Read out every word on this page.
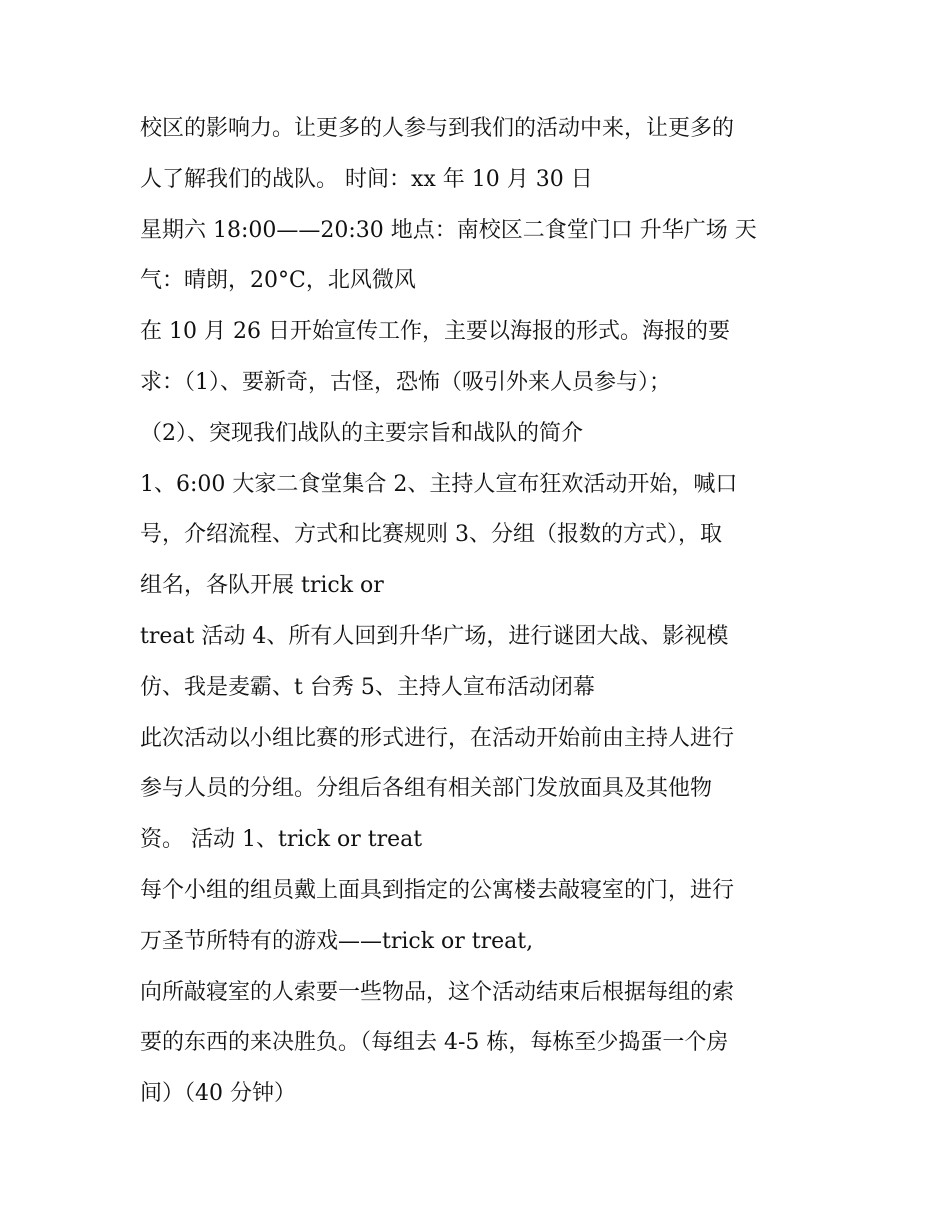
校区的影响力。让更多的人参与到我们的活动中来，让更多的
人了解我们的战队。 时间：xx 年 10 月 30 日
星期六 18:00——20:30 地点：南校区二食堂门口 升华广场 天
气：晴朗，20°C，北风微风
在 10 月 26 日开始宣传工作，主要以海报的形式。海报的要
求：（1）、要新奇，古怪，恐怖（吸引外来人员参与）；
（2）、突现我们战队的主要宗旨和战队的简介
1、6:00 大家二食堂集合 2、主持人宣布狂欢活动开始，喊口
号，介绍流程、方式和比赛规则 3、分组（报数的方式），取
组名，各队开展 trick or
treat 活动 4、所有人回到升华广场，进行谜团大战、影视模
仿、我是麦霸、t 台秀 5、主持人宣布活动闭幕
此次活动以小组比赛的形式进行，在活动开始前由主持人进行
参与人员的分组。分组后各组有相关部门发放面具及其他物
资。 活动 1、trick or treat
每个小组的组员戴上面具到指定的公寓楼去敲寝室的门，进行
万圣节所特有的游戏——trick or treat,
向所敲寝室的人索要一些物品，这个活动结束后根据每组的索
要的东西的来决胜负。（每组去 4-5 栋，每栋至少捣蛋一个房
间）（40 分钟）
